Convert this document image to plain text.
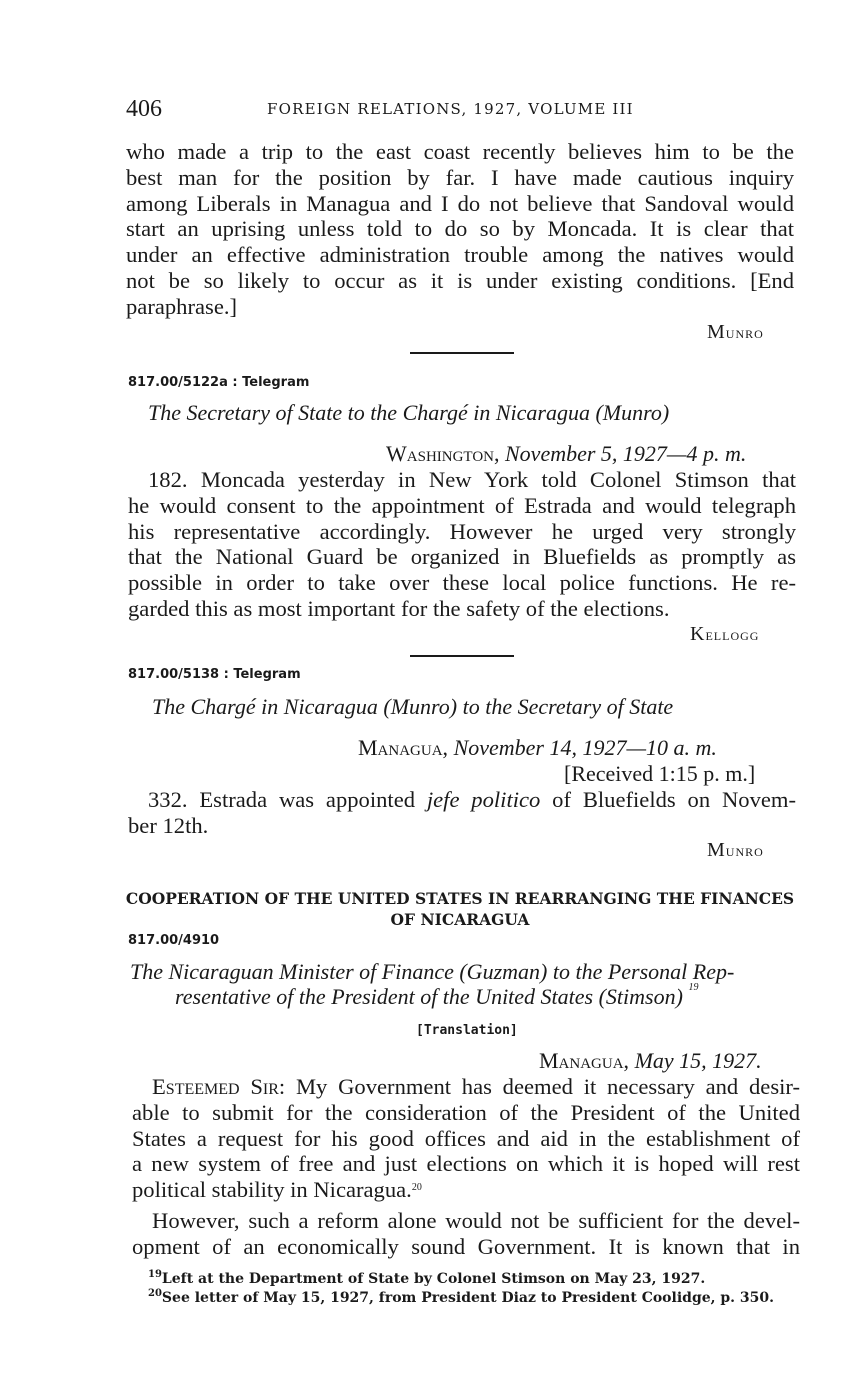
406	FOREIGN RELATIONS, 1927, VOLUME III
who made a trip to the east coast recently believes him to be the
best man for the position by far. I have made cautious inquiry
among Liberals in Managua and I do not believe that Sandoval would
start an uprising unless told to do so by Moncada. It is clear that
under an effective administration trouble among the natives would
not be so likely to occur as it is under existing conditions. [End
paraphrase.]
Munro
817.00/5122a : Telegram
The Secretary of State to the Chargé in Nicaragua (Munro)
Washington, November 5, 1927—4 p. m.
182. Moncada yesterday in New York told Colonel Stimson that
he would consent to the appointment of Estrada and would telegraph
his representative accordingly. However he urged very strongly
that the National Guard be organized in Bluefields as promptly as
possible in order to take over these local police functions. He re-
garded this as most important for the safety of the elections.
Kellogg
817.00/5138 : Telegram
The Chargé in Nicaragua (Munro) to the Secretary of State
Managua, November 14, 1927—10 a. m.
[Received 1:15 p. m.]
332. Estrada was appointed jefe politico of Bluefields on Novem-
ber 12th.
Munro
COOPERATION OF THE UNITED STATES IN REARRANGING THE FINANCES OF NICARAGUA
817.00/4910
The Nicaraguan Minister of Finance (Guzman) to the Personal Rep-
resentative of the President of the United States (Stimson) $^{19}$
[Translation]
Managua, May 15, 1927.
Esteemed Sir: My Government has deemed it necessary and desir-
able to submit for the consideration of the President of the United
States a request for his good offices and aid in the establishment of
a new system of free and just elections on which it is hoped will rest
political stability in Nicaragua.$^{20}$
However, such a reform alone would not be sufficient for the devel-
opment of an economically sound Government. It is known that in
$^{19}$Left at the Department of State by Colonel Stimson on May 23, 1927.
$^{20}$See letter of May 15, 1927, from President Diaz to President Coolidge, p. 350.
